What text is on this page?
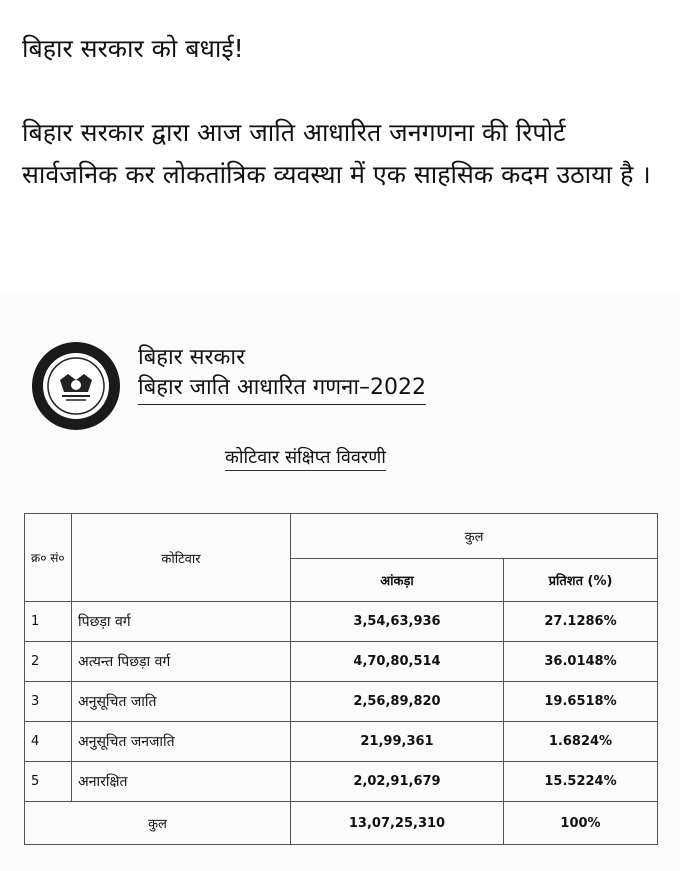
बिहार सरकार को बधाई!

बिहार सरकार द्वारा आज जाति आधारित जनगणना की रिपोर्ट सार्वजनिक कर लोकतांत्रिक व्यवस्था में एक साहसिक कदम उठाया है ।

बिहार सरकार
बिहार जाति आधारित गणना–2022
कोटिवार संक्षिप्त विवरणी
क्र० सं०	कोटिवार	कुल	
		आंकड़ा	प्रतिशत (%)
1	पिछड़ा वर्ग	3,54,63,936	27.1286%
2	अत्यन्त पिछड़ा वर्ग	4,70,80,514	36.0148%
3	अनुसूचित जाति	2,56,89,820	19.6518%
4	अनुसूचित जनजाति	21,99,361	1.6824%
5	अनारक्षित	2,02,91,679	15.5224%
कुल		13,07,25,310	100%
